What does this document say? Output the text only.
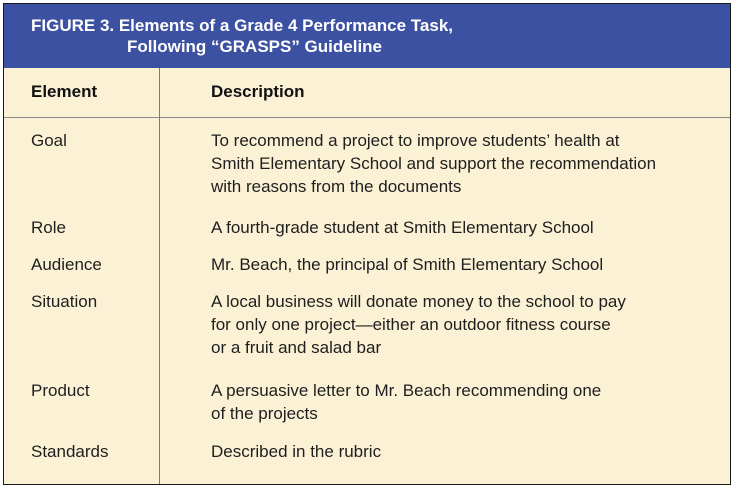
FIGURE 3. Elements of a Grade 4 Performance Task,
Following “GRASPS” Guideline
Element	Description
Goal	To recommend a project to improve students’ health at
Smith Elementary School and support the recommendation
with reasons from the documents
Role	A fourth-grade student at Smith Elementary School
Audience	Mr. Beach, the principal of Smith Elementary School
Situation	A local business will donate money to the school to pay
for only one project—either an outdoor fitness course
or a fruit and salad bar
Product	A persuasive letter to Mr. Beach recommending one
of the projects
Standards	Described in the rubric
